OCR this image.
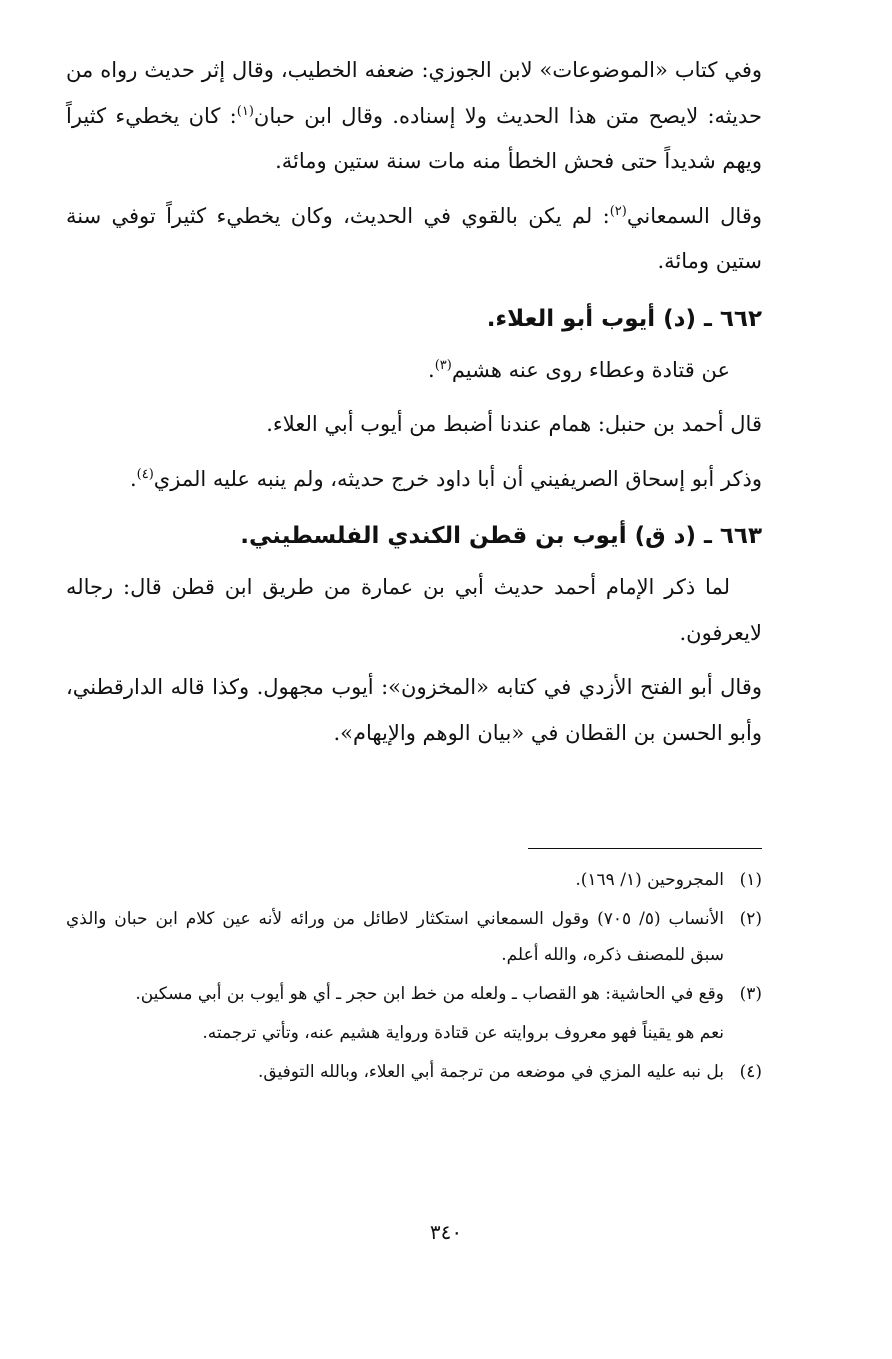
وفي كتاب «الموضوعات» لابن الجوزي: ضعفه الخطيب، وقال إثر حديث رواه من حديثه: لايصح متن هذا الحديث ولا إسناده. وقال ابن حبان$^{(١)}$: كان يخطيء كثيراً ويهم شديداً حتى فحش الخطأ منه مات سنة ستين ومائة.

وقال السمعاني$^{(٢)}$: لم يكن بالقوي في الحديث، وكان يخطيء كثيراً توفي سنة ستين ومائة.

٦٦٢ ـ (د) أيوب أبو العلاء.

عن قتادة وعطاء روى عنه هشيم$^{(٣)}$.

قال أحمد بن حنبل: همام عندنا أضبط من أيوب أبي العلاء.

وذكر أبو إسحاق الصريفيني أن أبا داود خرج حديثه، ولم ينبه عليه المزي$^{(٤)}$.

٦٦٣ ـ (د ق) أيوب بن قطن الكندي الفلسطيني.

لما ذكر الإمام أحمد حديث أبي بن عمارة من طريق ابن قطن قال: رجاله لايعرفون.

وقال أبو الفتح الأزدي في كتابه «المخزون»: أيوب مجهول. وكذا قاله الدارقطني، وأبو الحسن بن القطان في «بيان الوهم والإيهام».

(١)المجروحين (١/ ١٦٩).

(٢)الأنساب (٥/ ٧٠٥) وقول السمعاني استكثار لاطائل من ورائه لأنه عين كلام ابن حبان والذي سبق للمصنف ذكره، والله أعلم.

(٣)وقع في الحاشية: هو القصاب ـ ولعله من خط ابن حجر ـ أي هو أيوب بن أبي مسكين.

نعم هو يقيناً فهو معروف بروايته عن قتادة ورواية هشيم عنه، وتأتي ترجمته.

(٤)بل نبه عليه المزي في موضعه من ترجمة أبي العلاء، وبالله التوفيق.

٣٤٠
